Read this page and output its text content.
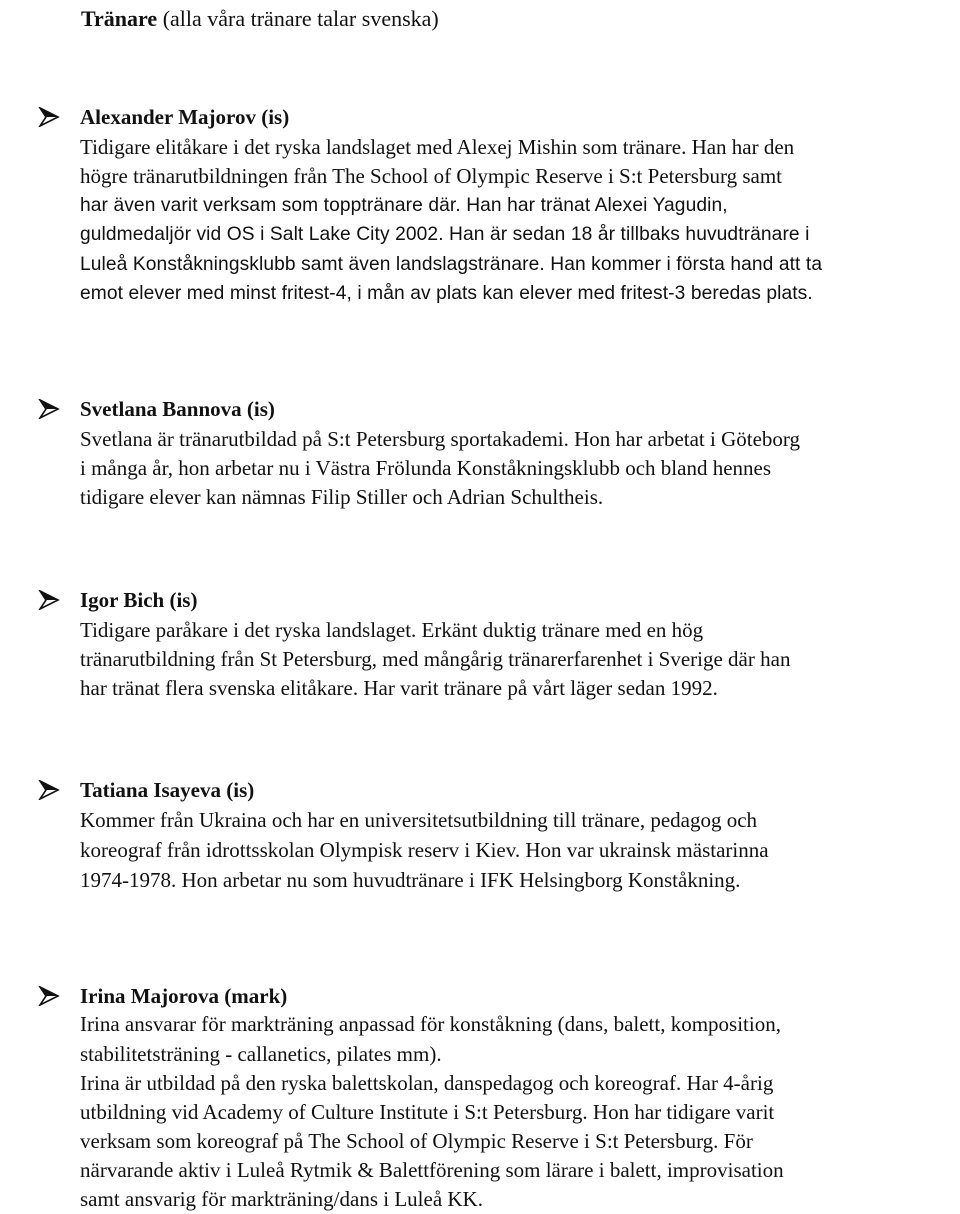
Tränare (alla våra tränare talar svenska)
Alexander Majorov (is)
Tidigare elitåkare i det ryska landslaget med Alexej Mishin som tränare. Han har den
högre tränarutbildningen från The School of Olympic Reserve i S:t Petersburg samt
har även varit verksam som topptränare där. Han har tränat Alexei Yagudin,
guldmedaljör vid OS i Salt Lake City 2002. Han är sedan 18 år tillbaks huvudtränare i
Luleå Konståkningsklubb samt även landslagstränare. Han kommer i första hand att ta
emot elever med minst fritest-4, i mån av plats kan elever med fritest-3 beredas plats.
Svetlana Bannova (is)
Svetlana är tränarutbildad på S:t Petersburg sportakademi. Hon har arbetat i Göteborg
i många år, hon arbetar nu i Västra Frölunda Konståkningsklubb och bland hennes
tidigare elever kan nämnas Filip Stiller och Adrian Schultheis.
Igor Bich (is)
Tidigare paråkare i det ryska landslaget. Erkänt duktig tränare med en hög
tränarutbildning från St Petersburg, med mångårig tränarerfarenhet i Sverige där han
har tränat flera svenska elitåkare. Har varit tränare på vårt läger sedan 1992.
Tatiana Isayeva (is)
Kommer från Ukraina och har en universitetsutbildning till tränare, pedagog och
koreograf från idrottsskolan Olympisk reserv i Kiev. Hon var ukrainsk mästarinna
1974-1978. Hon arbetar nu som huvudtränare i IFK Helsingborg Konståkning.
Irina Majorova (mark)
Irina ansvarar för markträning anpassad för konståkning (dans, balett, komposition,
stabilitetsträning - callanetics, pilates mm).
Irina är utbildad på den ryska balettskolan, danspedagog och koreograf. Har 4-årig
utbildning vid Academy of Culture Institute i S:t Petersburg. Hon har tidigare varit
verksam som koreograf på The School of Olympic Reserve i S:t Petersburg. För
närvarande aktiv i Luleå Rytmik & Balettförening som lärare i balett, improvisation
samt ansvarig för markträning/dans i Luleå KK.
